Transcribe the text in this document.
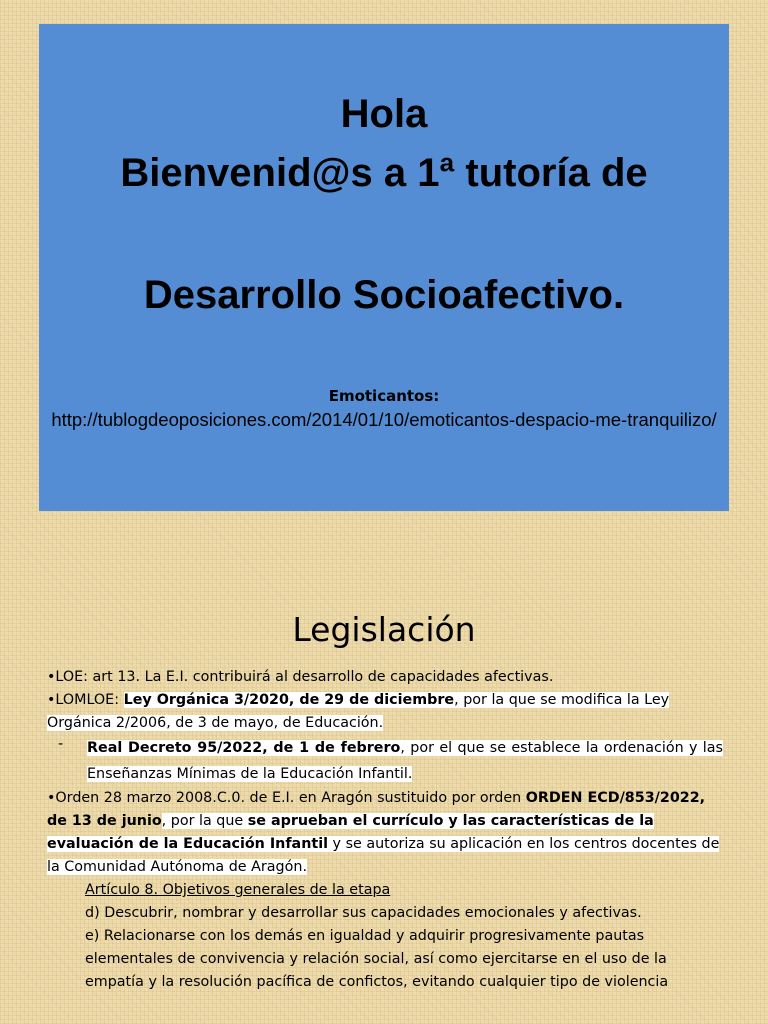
Hola
Bienvenid@s a 1ª tutoría de
Desarrollo Socioafectivo.
Emoticantos:
http://tublogdeoposiciones.com/2014/01/10/emoticantos-despacio-me-tranquilizo/
Legislación

•LOE: art 13. La E.I. contribuirá al desarrollo de capacidades afectivas.

•LOMLOE: Ley Orgánica 3/2020, de 29 de diciembre, por la que se modifica la Ley Orgánica 2/2006, de 3 de mayo, de Educación.

- Real Decreto 95/2022, de 1 de febrero, por el que se establece la ordenación y las Enseñanzas Mínimas de la Educación Infantil.

•Orden 28 marzo 2008.C.0. de E.I. en Aragón sustituido por orden ORDEN ECD/853/2022, de 13 de junio, por la que se aprueban el currículo y las características de la evaluación de la Educación Infantil y se autoriza su aplicación en los centros docentes de la Comunidad Autónoma de Aragón.

Artículo 8. Objetivos generales de la etapa

d) Descubrir, nombrar y desarrollar sus capacidades emocionales y afectivas.

e) Relacionarse con los demás en igualdad y adquirir progresivamente pautas elementales de convivencia y relación social, así como ejercitarse en el uso de la empatía y la resolución pacífica de confictos, evitando cualquier tipo de violencia
